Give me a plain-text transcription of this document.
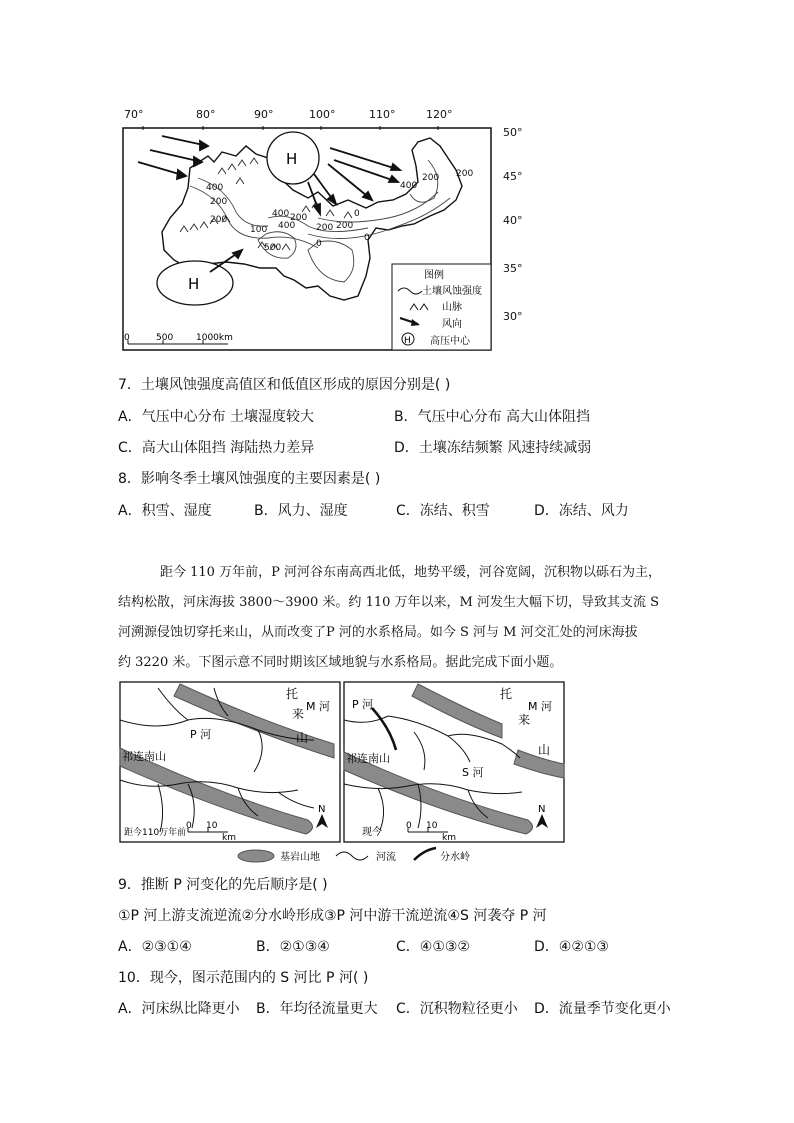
70°	80°	90°	100°	110°	120°
50°
45°
40°
35°
30°
400
200
200
400 200
100 400 200
0
500
200
0
400
200 200
0
H
H
0	500	1000km
图例
土壤风蚀强度
山脉
风向
H 高压中心
7．土壤风蚀强度高值区和低值区形成的原因分别是( )
A．气压中心分布 土壤湿度较大	B．气压中心分布 高大山体阻挡
C．高大山体阻挡 海陆热力差异	D．土壤冻结频繁 风速持续减弱
8．影响冬季土壤风蚀强度的主要因素是( )
A．积雪、湿度	B．风力、湿度	C．冻结、积雪	D．冻结、风力
距今 110 万年前，P 河河谷东南高西北低，地势平缓，河谷宽阔，沉积物以砾石为主，
结构松散，河床海拔 3800～3900 米。约 110 万年以来，M 河发生大幅下切，导致其支流 S
河溯源侵蚀切穿托来山，从而改变了P 河的水系格局。如今 S 河与 M 河交汇处的河床海拔
约 3220 米。下图示意不同时期该区域地貌与水系格局。据此完成下面小题。
托
M 河
来
山
P 河
祁连南山
距今110万年前
0 10
km
N
托
M 河
来
山
P 河
S 河
祁连南山
现今
0 10
km
N
基岩山地	河流	分水岭
9．推断 P 河变化的先后顺序是( )
①P 河上游支流逆流②分水岭形成③P 河中游干流逆流④S 河袭夺 P 河
A．②③①④	B．②①③④	C．④①③②	D．④②①③
10．现今，图示范围内的 S 河比 P 河( )
A．河床纵比降更小 B．年均径流量更大 C．沉积物粒径更小 D．流量季节变化更小
